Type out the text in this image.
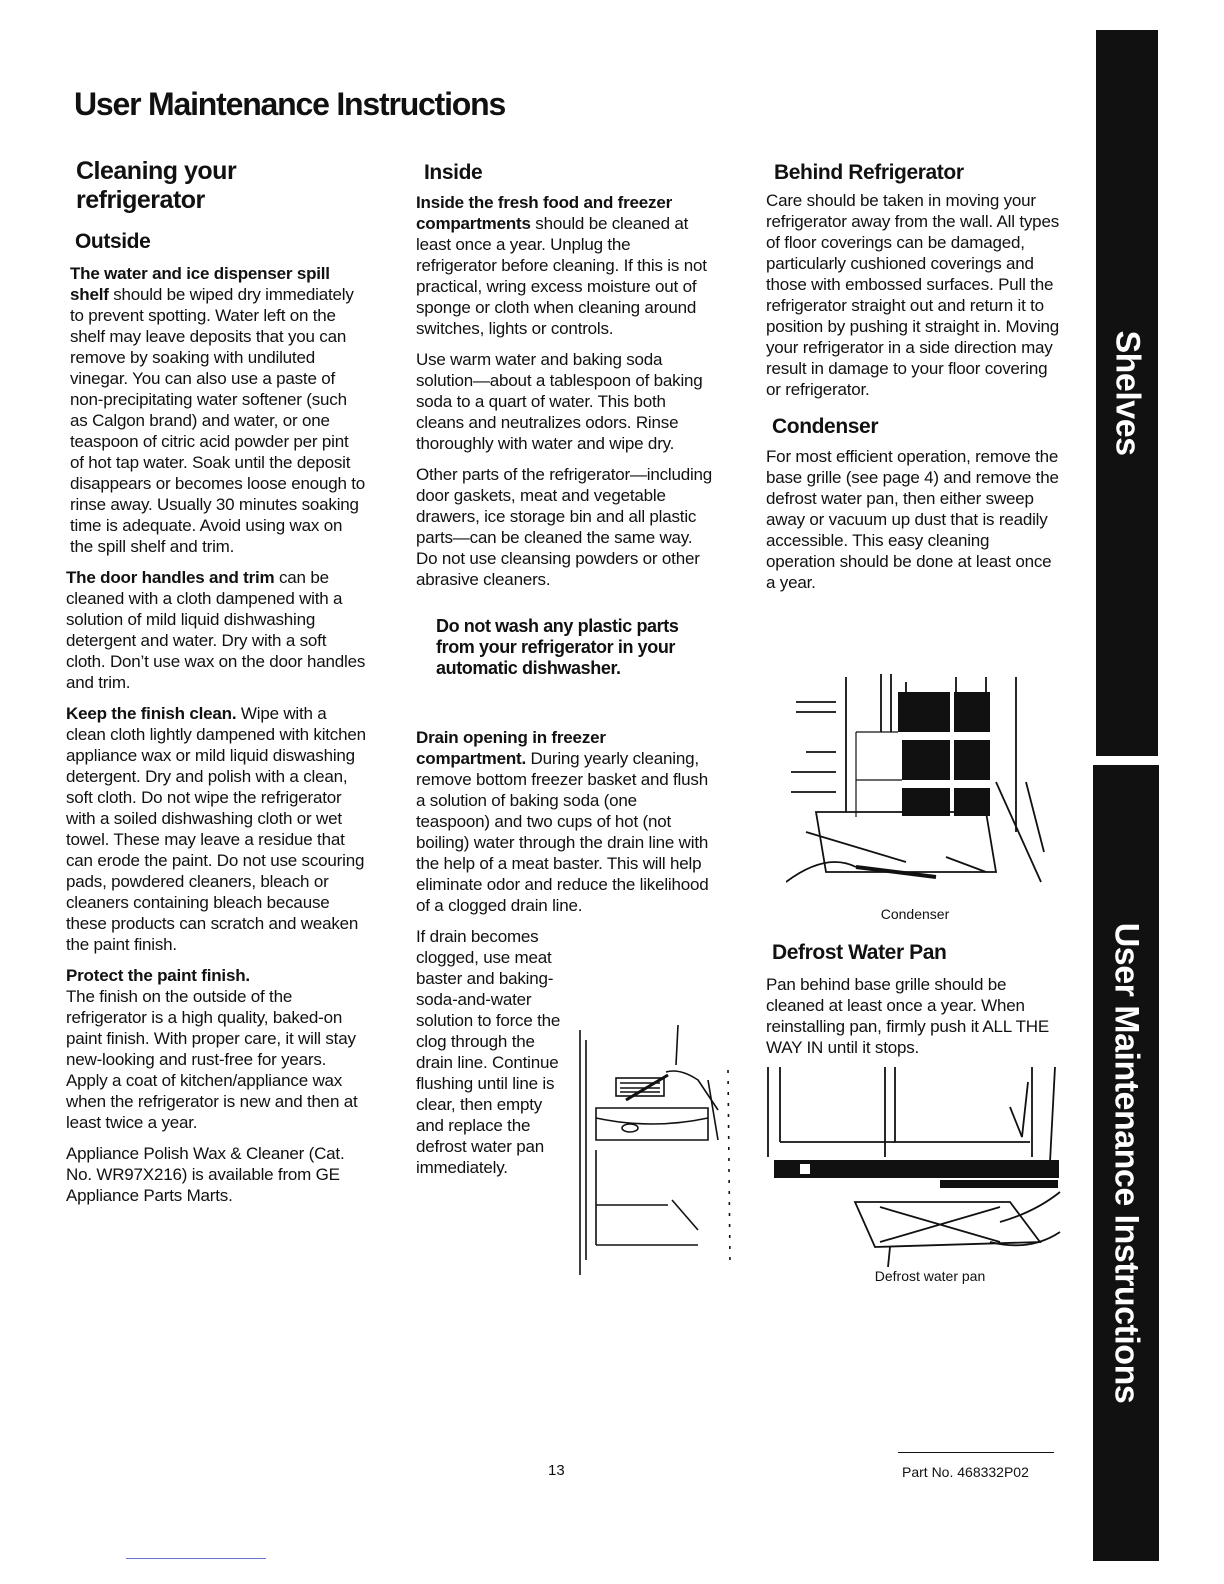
User Maintenance Instructions
Cleaning your refrigerator
Outside

The water and ice dispenser spill shelf should be wiped dry immediately to prevent spotting. Water left on the shelf may leave deposits that you can remove by soaking with undiluted vinegar. You can also use a paste of non-precipitating water softener (such as Calgon brand) and water, or one teaspoon of citric acid powder per pint of hot tap water. Soak until the deposit disappears or becomes loose enough to rinse away. Usually 30 minutes soaking time is adequate. Avoid using wax on the spill shelf and trim.

The door handles and trim can be cleaned with a cloth dampened with a solution of mild liquid dishwashing detergent and water. Dry with a soft cloth. Don’t use wax on the door handles and trim.

Keep the finish clean. Wipe with a clean cloth lightly dampened with kitchen appliance wax or mild liquid diswashing detergent. Dry and polish with a clean, soft cloth. Do not wipe the refrigerator with a soiled dishwashing cloth or wet towel. These may leave a residue that can erode the paint. Do not use scouring pads, powdered cleaners, bleach or cleaners containing bleach because these products can scratch and weaken the paint finish.

Protect the paint finish.
The finish on the outside of the refrigerator is a high quality, baked-on paint finish. With proper care, it will stay new-looking and rust-free for years. Apply a coat of kitchen/appliance wax when the refrigerator is new and then at least twice a year.

Appliance Polish Wax & Cleaner (Cat. No. WR97X216) is available from GE Appliance Parts Marts.

Inside

Inside the fresh food and freezer compartments should be cleaned at least once a year. Unplug the refrigerator before cleaning. If this is not practical, wring excess moisture out of sponge or cloth when cleaning around switches, lights or controls.

Use warm water and baking soda solution—about a tablespoon of baking soda to a quart of water. This both cleans and neutralizes odors. Rinse thoroughly with water and wipe dry.

Other parts of the refrigerator—including door gaskets, meat and vegetable drawers, ice storage bin and all plastic parts—can be cleaned the same way. Do not use cleansing powders or other abrasive cleaners.

Do not wash any plastic parts from your refrigerator in your automatic dishwasher.

Drain opening in freezer compartment. During yearly cleaning, remove bottom freezer basket and flush a solution of baking soda (one teaspoon) and two cups of hot (not boiling) water through the drain line with the help of a meat baster. This will help eliminate odor and reduce the likelihood of a clogged drain line.

If drain becomes clogged, use meat baster and baking-soda-and-water solution to force the clog through the drain line. Continue flushing until line is clear, then empty and replace the defrost water pan immediately.

Behind Refrigerator

Care should be taken in moving your refrigerator away from the wall. All types of floor coverings can be damaged, particularly cushioned coverings and those with embossed surfaces. Pull the refrigerator straight out and return it to position by pushing it straight in. Moving your refrigerator in a side direction may result in damage to your floor covering or refrigerator.

Condenser

For most efficient operation, remove the base grille (see page 4) and remove the defrost water pan, then either sweep away or vacuum up dust that is readily accessible. This easy cleaning operation should be done at least once a year.

Condenser
Defrost Water Pan

Pan behind base grille should be cleaned at least once a year. When reinstalling pan, firmly push it ALL THE WAY IN until it stops.

Defrost water pan
Shelves
User Maintenance Instructions
13	Part No. 468332P02
